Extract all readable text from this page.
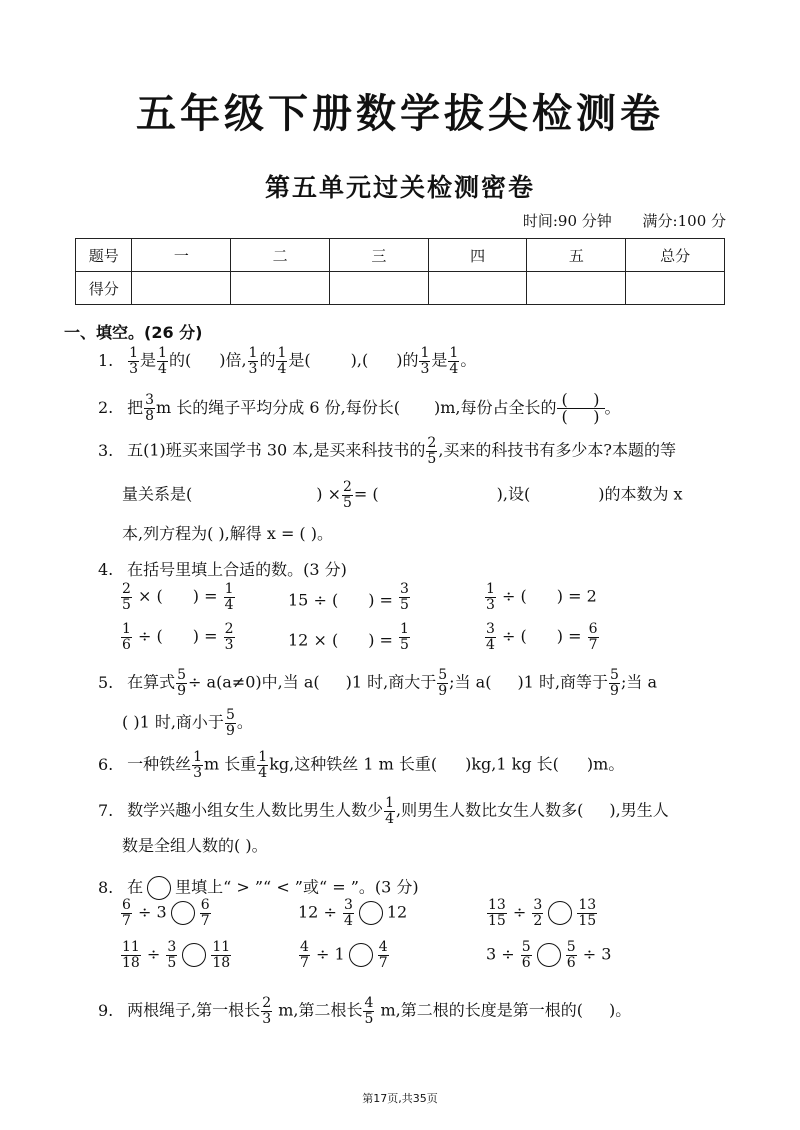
五年级下册数学拔尖检测卷
第五单元过关检测密卷
时间:90 分钟 满分:100 分
题号	一	二	三	四	五	总分
得分						
一、填空。(26 分)
1. $\frac{1}{3}$ 是 $\frac{1}{4}$ 的( )倍, $\frac{1}{3}$ 的 $\frac{1}{4}$ 是(	),( )的 $\frac{1}{3}$ 是 $\frac{1}{4}$ 。
2. 把 $\frac{3}{8}$ m 长的绳子平均分成 6 份,每份长( )m,每份占全长的 $\frac{( )}{( )}$ 。
3. 五(1)班买来国学书 30 本,是买来科技书的 $\frac{2}{5}$ ,买来的科技书有多少本?本题的等
量关系是(	) × $\frac{2}{5}$ = (	),设(	)的本数为 x
本,列方程为( ),解得 x = ( )。
4. 在括号里填上合适的数。(3 分)
$\frac{2}{5}$ × ( ) = $\frac{1}{4}$	15 ÷ ( ) = $\frac{3}{5}$	$\frac{1}{3}$ ÷ ( ) = 2
$\frac{1}{6}$ ÷ ( ) = $\frac{2}{3}$	12 × ( ) = $\frac{1}{5}$	$\frac{3}{4}$ ÷ ( ) = $\frac{6}{7}$
5. 在算式 $\frac{5}{9} \div a(a\ne 0)$中,当 a( )1 时,商大于 $\frac{5}{9}$ ;当 a( )1 时,商等于 $\frac{5}{9}$ ;当 a
( )1 时,商小于 $\frac{5}{9}$ 。
6. 一种铁丝 $\frac{1}{3}$ m 长重 $\frac{1}{4}$ kg,这种铁丝 1 m 长重( )kg,1 kg 长( )m。
7. 数学兴趣小组女生人数比男生人数少 $\frac{1}{4}$ ,则男生人数比女生人数多( ),男生人
数是全组人数的( )。
8. 在 里填上“ > ”“ < ”或“ = ”。(3 分)
$\frac{6}{7} \div 3 \frac{6}{7}$	$12 \div \frac{3}{4} 12$	$\frac{13}{15} \div \frac{3}{2} \frac{13}{15}$
$\frac{11}{18} \div \frac{3}{5} \frac{11}{18}$	$\frac{4}{7} \div 1 \frac{4}{7}$	$3 \div \frac{5}{6} \frac{5}{6} \div 3$
9. 两根绳子,第一根长 $\frac{2}{3} m$,第二根长 $\frac{4}{5} m$,第二根的长度是第一根的( )。
第17页,共35页
